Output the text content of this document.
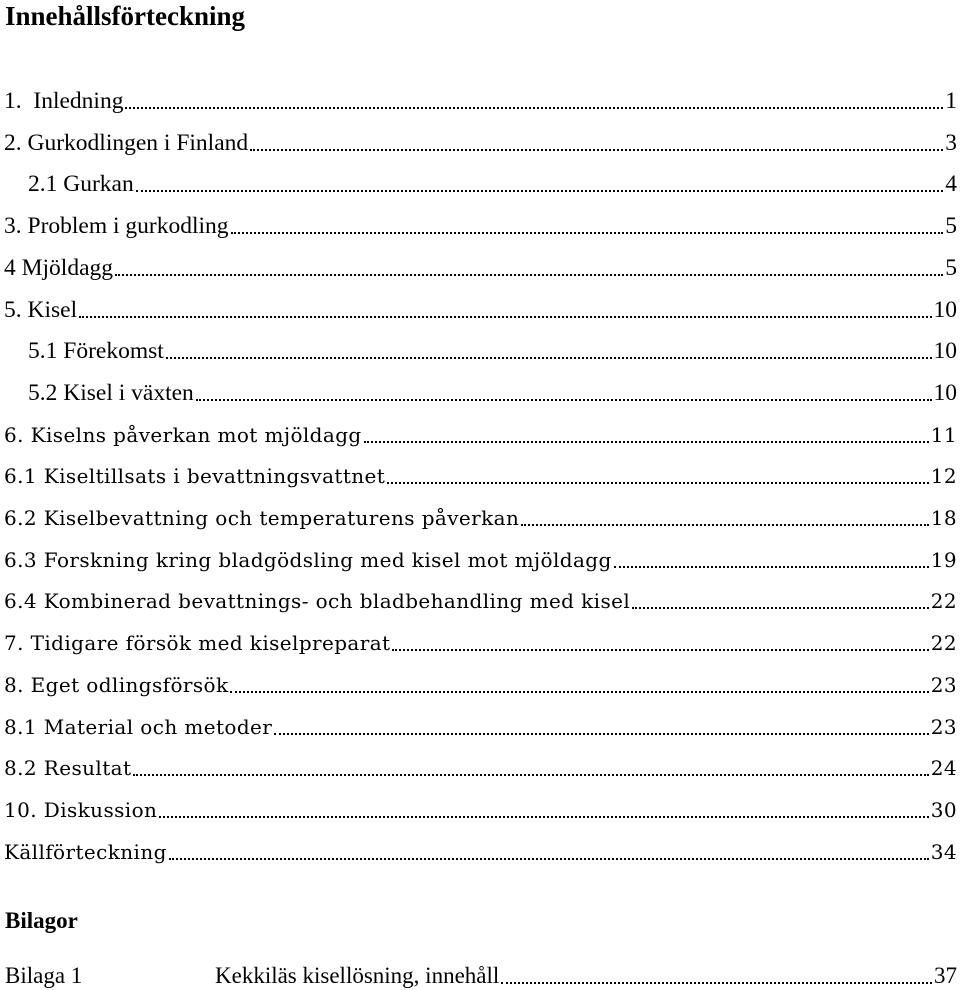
Innehållsförteckning
1.  Inledning	1
2. Gurkodlingen i Finland	3
2.1 Gurkan	4
3. Problem i gurkodling	5
4 Mjöldagg	5
5. Kisel	10
5.1 Förekomst	10
5.2 Kisel i växten	10
6. Kiselns påverkan mot mjöldagg	11
6.1 Kiseltillsats i bevattningsvattnet	12
6.2 Kiselbevattning och temperaturens påverkan	18
6.3 Forskning kring bladgödsling med kisel mot mjöldagg	19
6.4 Kombinerad bevattnings- och bladbehandling med kisel	22
7. Tidigare försök med kiselpreparat	22
8. Eget odlingsförsök	23
8.1 Material och metoder	23
8.2 Resultat	24
10. Diskussion	30
Källförteckning	34
Bilagor
Bilaga 1	Kekkiläs kisellösning, innehåll	37
